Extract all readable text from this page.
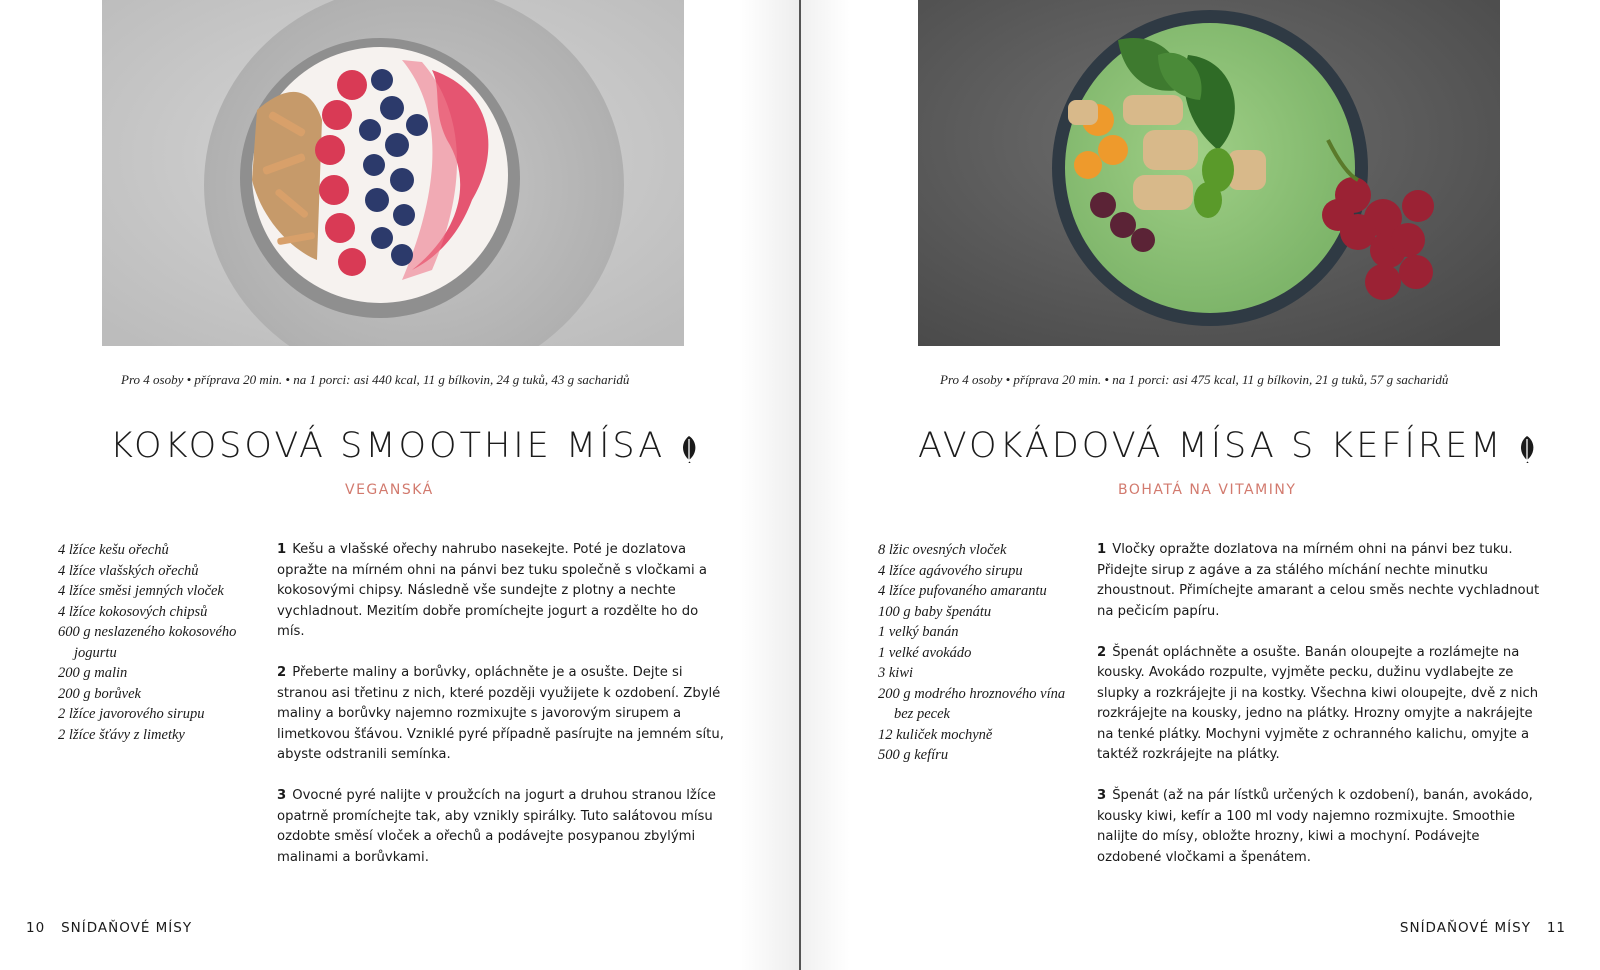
Pro 4 osoby • příprava 20 min. • na 1 porci: asi 440 kcal, 11 g bílkovin, 24 g tuků, 43 g sacharidů
KOKOSOVÁ SMOOTHIE MÍSA
VEGANSKÁ
4 lžíce kešu ořechů
4 lžíce vlašských ořechů
4 lžíce směsi jemných vloček
4 lžíce kokosových chipsů
600 g neslazeného kokosového jogurtu
200 g malin
200 g borůvek
2 lžíce javorového sirupu
2 lžíce šťávy z limetky

1 Kešu a vlašské ořechy nahrubo nasekejte. Poté je dozlatova opražte na mírném ohni na pánvi bez tuku společně s vločkami a kokosovými chipsy. Následně vše sundejte z plotny a nechte vychladnout. Mezitím dobře promíchejte jogurt a rozdělte ho do mís.

2 Přeberte maliny a borůvky, opláchněte je a osušte. Dejte si stranou asi třetinu z nich, které později využijete k ozdobení. Zbylé maliny a borůvky najemno rozmixujte s javorovým sirupem a limetkovou šťávou. Vzniklé pyré případně pasírujte na jemném sítu, abyste odstranili semínka.

3 Ovocné pyré nalijte v proužcích na jogurt a druhou stranou lžíce opatrně promíchejte tak, aby vznikly spirálky. Tuto salátovou mísu ozdobte směsí vloček a ořechů a podávejte posypanou zbylými malinami a borůvkami.

10 SNÍDAŇOVÉ MÍSY
Pro 4 osoby • příprava 20 min. • na 1 porci: asi 475 kcal, 11 g bílkovin, 21 g tuků, 57 g sacharidů
AVOKÁDOVÁ MÍSA S KEFÍREM
BOHATÁ NA VITAMINY
8 lžic ovesných vloček
4 lžíce agávového sirupu
4 lžíce pufovaného amarantu
100 g baby špenátu
1 velký banán
1 velké avokádo
3 kiwi
200 g modrého hroznového vína bez pecek
12 kuliček mochyně
500 g kefíru

1 Vločky opražte dozlatova na mírném ohni na pánvi bez tuku. Přidejte sirup z agáve a za stálého míchání nechte minutku zhoustnout. Přimíchejte amarant a celou směs nechte vychladnout na pečicím papíru.

2 Špenát opláchněte a osušte. Banán oloupejte a rozlámejte na kousky. Avokádo rozpulte, vyjměte pecku, dužinu vydlabejte ze slupky a rozkrájejte ji na kostky. Všechna kiwi oloupejte, dvě z nich rozkrájejte na kousky, jedno na plátky. Hrozny omyjte a nakrájejte na tenké plátky. Mochyni vyjměte z ochranného kalichu, omyjte a taktéž rozkrájejte na plátky.

3 Špenát (až na pár lístků určených k ozdobení), banán, avokádo, kousky kiwi, kefír a 100 ml vody najemno rozmixujte. Smoothie nalijte do mísy, obložte hrozny, kiwi a mochyní. Podávejte ozdobené vločkami a špenátem.

SNÍDAŇOVÉ MÍSY 11
